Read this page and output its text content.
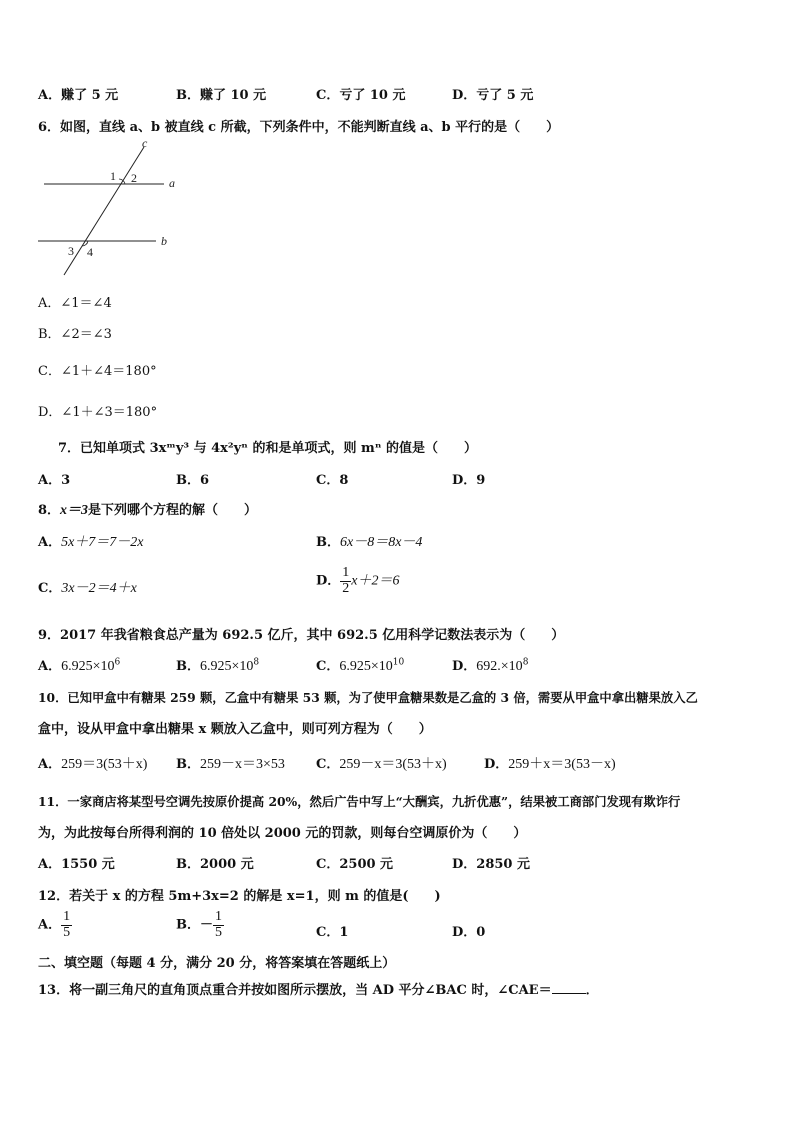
A．赚了 5 元	B．赚了 10 元	C．亏了 10 元	D．亏了 5 元
6．如图，直线 a、b 被直线 c 所截，下列条件中，不能判断直线 a、b 平行的是（　　）
c
a
b
1 2
3 4
A．∠1＝∠4
B．∠2＝∠3
C．∠1＋∠4＝180°
D．∠1＋∠3＝180°
7．已知单项式 3xᵐy³ 与 4x²yⁿ 的和是单项式，则 mⁿ 的值是（　　）
A．3	B．6	C．8	D．9
8．x＝3是下列哪个方程的解（　　）
A．5x＋7＝7－2x	B．6x－8＝8x－4
C．3x－2＝4＋x	D． $\frac{1}{2} x+2=6$
9．2017 年我省粮食总产量为 692.5 亿斤，其中 692.5 亿用科学记数法表示为（　　）
A．$6.925\times 10^6$	B．$6.925\times 10^8$	C．$6.925\times 10^{10}$	D．$692.\times 10^8$
10．已知甲盒中有糖果 259 颗，乙盒中有糖果 53 颗，为了使甲盒糖果数是乙盒的 3 倍，需要从甲盒中拿出糖果放入乙
盒中，设从甲盒中拿出糖果 x 颗放入乙盒中，则可列方程为（　　）
A．259＝3(53＋x) B．259－x＝3×53 C．259－x＝3(53＋x)	D．259＋x＝3(53－x)
11．一家商店将某型号空调先按原价提高 20%，然后广告中写上“大酬宾，九折优惠”，结果被工商部门发现有欺诈行
为，为此按每台所得利润的 10 倍处以 2000 元的罚款，则每台空调原价为（　　）
A．1550 元	B．2000 元	C．2500 元	D．2850 元
12．若关于 x 的方程 5m+3x=2 的解是 x=1，则 m 的值是(　　)
A． $\frac{1}{5}$	B．－ $\frac{1}{5}$	C．1	D．0
二、填空题（每题 4 分，满分 20 分，将答案填在答题纸上）
13．将一副三角尺的直角顶点重合并按如图所示摆放，当 AD 平分∠BAC 时，∠CAE＝	．
